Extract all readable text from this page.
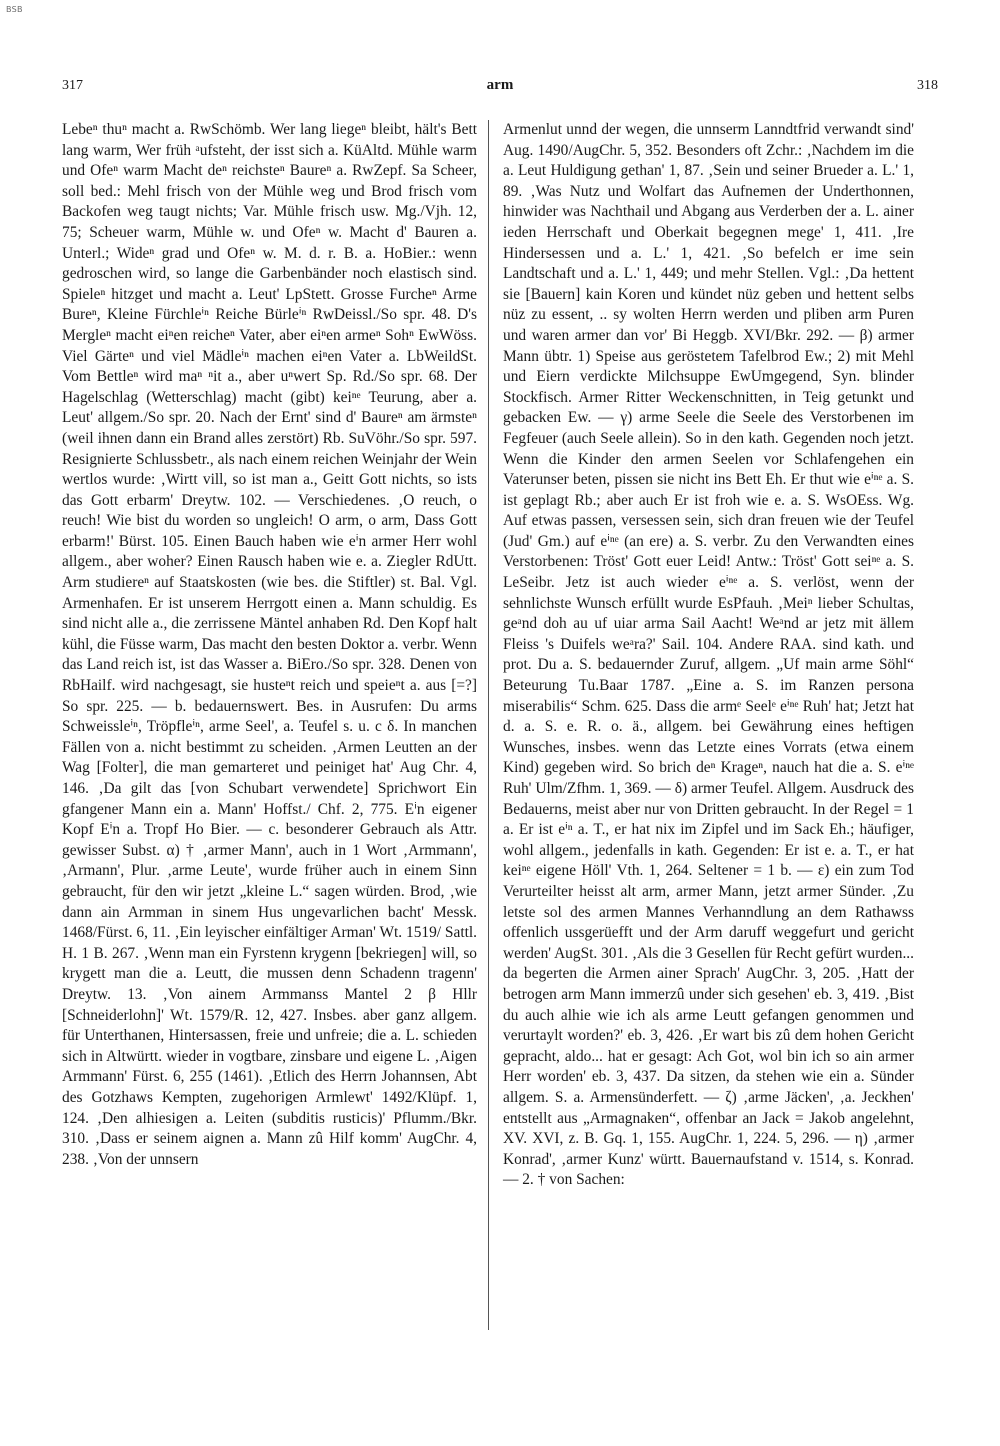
BSB
317	arm	318

Lebeⁿ thuⁿ macht a. RwSchömb. Wer lang liegeⁿ bleibt, hält's Bett lang warm, Wer früh ᵃufsteht, der isst sich a. KüAltd. Mühle warm und Ofeⁿ warm Macht deⁿ reichsteⁿ Baureⁿ a. RwZepf. Sa Scheer, soll bed.: Mehl frisch von der Mühle weg und Brod frisch vom Backofen weg taugt nichts; Var. Mühle frisch usw. Mg./Vjh. 12, 75; Scheuer warm, Mühle w. und Ofeⁿ w. Macht d' Bauren a. Unterl.; Wideⁿ grad und Ofeⁿ w. M. d. r. B. a. HoBier.: wenn gedroschen wird, so lange die Garbenbänder noch elastisch sind. Spieleⁿ hitzget und macht a. Leut' LpStett. Grosse Furcheⁿ Arme Bureⁿ, Kleine Fürchleⁱⁿ Reiche Bürleⁱⁿ RwDeissl./So spr. 48. D's Mergleⁿ macht eiⁿen reicheⁿ Vater, aber eiⁿen armeⁿ Sohⁿ EwWöss. Viel Gärteⁿ und viel Mädleⁱⁿ machen eiⁿen Vater a. LbWeildSt. Vom Bettleⁿ wird maⁿ ⁿit a., aber uⁿwert Sp. Rd./So spr. 68. Der Hagelschlag (Wetterschlag) macht (gibt) keiⁿᵉ Teurung, aber a. Leut' allgem./So spr. 20. Nach der Ernt' sind d' Baureⁿ am ärmsteⁿ (weil ihnen dann ein Brand alles zerstört) Rb. SuVöhr./So spr. 597. Resignierte Schlussbetr., als nach einem reichen Weinjahr der Wein wertlos wurde: ‚Wirtt vill, so ist man a., Geitt Gott nichts, so ists das Gott erbarm' Dreytw. 102. — Verschiedenes. ‚O reuch, o reuch! Wie bist du worden so ungleich! O arm, o arm, Dass Gott erbarm!' Bürst. 105. Einen Bauch haben wie eⁱn armer Herr wohl allgem., aber woher? Einen Rausch haben wie e. a. Ziegler RdUtt. Arm studiereⁿ auf Staatskosten (wie bes. die Stiftler) st. Bal. Vgl. Armenhafen. Er ist unserem Herrgott einen a. Mann schuldig. Es sind nicht alle a., die zerrissene Mäntel anhaben Rd. Den Kopf halt kühl, die Füsse warm, Das macht den besten Doktor a. verbr. Wenn das Land reich ist, ist das Wasser a. BiEro./So spr. 328. Denen von RbHailf. wird nachgesagt, sie husteⁿt reich und speieⁿt a. aus [=?] So spr. 225. — b. bedauernswert. Bes. in Ausrufen: Du arms Schweissleⁱⁿ, Tröpfleⁱⁿ, arme Seel', a. Teufel s. u. c δ. In manchen Fällen von a. nicht bestimmt zu scheiden. ‚Armen Leutten an der Wag [Folter], die man gemarteret und peiniget hat' Aug Chr. 4, 146. ‚Da gilt das [von Schubart verwendete] Sprichwort Ein gfangener Mann ein a. Mann' Hoffst./ Chf. 2, 775. Eⁱn eigener Kopf Eⁱn a. Tropf Ho Bier. — c. besonderer Gebrauch als Attr. gewisser Subst. α) † ‚armer Mann', auch in 1 Wort ‚Armmann', ‚Armann', Plur. ‚arme Leute', wurde früher auch in einem Sinn gebraucht, für den wir jetzt „kleine L.“ sagen würden. Brod, ‚wie dann ain Armman in sinem Hus ungevarlichen bacht' Messk. 1468/Fürst. 6, 11. ‚Ein leyischer einfältiger Arman' Wt. 1519/ Sattl. H. 1 B. 267. ‚Wenn man ein Fyrstenn krygenn [bekriegen] will, so krygett man die a. Leutt, die mussen denn Schadenn tragenn' Dreytw. 13. ‚Von ainem Armmanss Mantel 2 β Hllr [Schneiderlohn]' Wt. 1579/R. 12, 427. Insbes. aber ganz allgem. für Unterthanen, Hintersassen, freie und unfreie; die a. L. schieden sich in Altwürtt. wieder in vogtbare, zinsbare und eigene L. ‚Aigen Armmann' Fürst. 6, 255 (1461). ‚Etlich des Herrn Johannsen, Abt des Gotzhaws Kempten, zugehorigen Armlewt' 1492/Klüpf. 1, 124. ‚Den alhiesigen a. Leiten (subditis rusticis)' Pflumm./Bkr. 310. ‚Dass er seinem aignen a. Mann zû Hilf komm' AugChr. 4, 238. ‚Von der unnsern

Armenlut unnd der wegen, die unnserm Lanndtfrid verwandt sind' Aug. 1490/AugChr. 5, 352. Besonders oft Zchr.: ‚Nachdem im die a. Leut Huldigung gethan' 1, 87. ‚Sein und seiner Brueder a. L.' 1, 89. ‚Was Nutz und Wolfart das Aufnemen der Underthonnen, hinwider was Nachthail und Abgang aus Verderben der a. L. ainer ieden Herrschaft und Oberkait begegnen mege' 1, 411. ‚Ire Hindersessen und a. L.' 1, 421. ‚So befelch er ime sein Landtschaft und a. L.' 1, 449; und mehr Stellen. Vgl.: ‚Da hettent sie [Bauern] kain Koren und kündet nüz geben und hettent selbs nüz zu essent, .. sy wolten Herrn werden und pliben arm Puren und waren armer dan vor' Bi Heggb. XVI/Bkr. 292. — β) armer Mann übtr. 1) Speise aus geröstetem Tafelbrod Ew.; 2) mit Mehl und Eiern verdickte Milchsuppe EwUmgegend, Syn. blinder Stockfisch. Armer Ritter Weckenschnitten, in Teig getunkt und gebacken Ew. — γ) arme Seele die Seele des Verstorbenen im Fegfeuer (auch Seele allein). So in den kath. Gegenden noch jetzt. Wenn die Kinder den armen Seelen vor Schlafengehen ein Vaterunser beten, pissen sie nicht ins Bett Eh. Er thut wie eⁱⁿᵉ a. S. ist geplagt Rb.; aber auch Er ist froh wie e. a. S. WsOEss. Wg. Auf etwas passen, versessen sein, sich dran freuen wie der Teufel (Jud' Gm.) auf eⁱⁿᵉ (an ere) a. S. verbr. Zu den Verwandten eines Verstorbenen: Tröst' Gott euer Leid! Antw.: Tröst' Gott seiⁿᵉ a. S. LeSeibr. Jetz ist auch wieder eⁱⁿᵉ a. S. verlöst, wenn der sehnlichste Wunsch erfüllt wurde EsPfauh. ‚Meiⁿ lieber Schultas, geᵃnd doh au uf uiar arma Sail Aacht! Weᵃnd ar jetz mit ällem Fleiss 's Duifels weᵃra?' Sail. 104. Andere RAA. sind kath. und prot. Du a. S. bedauernder Zuruf, allgem. „Uf main arme Söhl“ Beteurung Tu.Baar 1787. „Eine a. S. im Ranzen persona miserabilis“ Schm. 625. Dass die armᵉ Seelᵉ eⁱⁿᵉ Ruh' hat; Jetzt hat d. a. S. e. R. o. ä., allgem. bei Gewährung eines heftigen Wunsches, insbes. wenn das Letzte eines Vorrats (etwa einem Kind) gegeben wird. So brich deⁿ Krageⁿ, nauch hat die a. S. eⁱⁿᵉ Ruh' Ulm/Zfhm. 1, 369. — δ) armer Teufel. Allgem. Ausdruck des Bedauerns, meist aber nur von Dritten gebraucht. In der Regel = 1 a. Er ist eⁱⁿ a. T., er hat nix im Zipfel und im Sack Eh.; häufiger, wohl allgem., jedenfalls in kath. Gegenden: Er ist e. a. T., er hat keiⁿᵉ eigene Höll' Vth. 1, 264. Seltener = 1 b. — ε) ein zum Tod Verurteilter heisst alt arm, armer Mann, jetzt armer Sünder. ‚Zu letste sol des armen Mannes Verhanndlung an dem Rathawss offenlich ussgerüefft und der Arm daruff weggefurt und gericht werden' AugSt. 301. ‚Als die 3 Gesellen für Recht gefürt wurden... da begerten die Armen ainer Sprach' AugChr. 3, 205. ‚Hatt der betrogen arm Mann immerzû under sich gesehen' eb. 3, 419. ‚Bist du auch alhie wie ich als arme Leutt gefangen genommen und verurtaylt worden?' eb. 3, 426. ‚Er wart bis zû dem hohen Gericht gepracht, aldo... hat er gesagt: Ach Got, wol bin ich so ain armer Herr worden' eb. 3, 437. Da sitzen, da stehen wie ein a. Sünder allgem. S. a. Armensünderfett. — ζ) ‚arme Jäcken', ‚a. Jeckhen' entstellt aus „Armagnaken“, offenbar an Jack = Jakob angelehnt, XV. XVI, z. B. Gq. 1, 155. AugChr. 1, 224. 5, 296. — η) ‚armer Konrad', ‚armer Kunz' württ. Bauernaufstand v. 1514, s. Konrad. — 2. † von Sachen:
